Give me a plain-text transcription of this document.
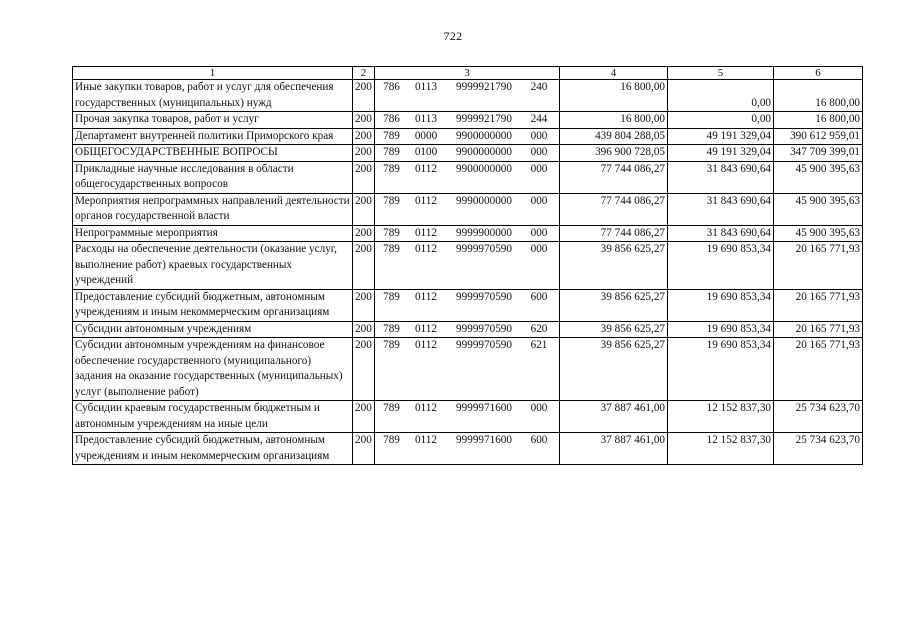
722
1	2	3	4	5	6
Иные закупки товаров, работ и услуг для обеспечения государственных (муниципальных) нужд	200	786 0113 9999921790 240	16 800,00	0,00	16 800,00
Прочая закупка товаров, работ и услуг	200	786 0113 9999921790 244	16 800,00	0,00	16 800,00
Департамент внутренней политики Приморского края	200	789 0000 9900000000 000	439 804 288,05	49 191 329,04	390 612 959,01
ОБЩЕГОСУДАРСТВЕННЫЕ ВОПРОСЫ	200	789 0100 9900000000 000	396 900 728,05	49 191 329,04	347 709 399,01
Прикладные научные исследования в области общегосударственных вопросов	200	789 0112 9900000000 000	77 744 086,27	31 843 690,64	45 900 395,63
Мероприятия непрограммных направлений деятельности органов государственной власти	200	789 0112 9990000000 000	77 744 086,27	31 843 690,64	45 900 395,63
Непрограммные мероприятия	200	789 0112 9999900000 000	77 744 086,27	31 843 690,64	45 900 395,63
Расходы на обеспечение деятельности (оказание услуг, выполнение работ) краевых государственных учреждений	200	789 0112 9999970590 000	39 856 625,27	19 690 853,34	20 165 771,93
Предоставление субсидий бюджетным, автономным учреждениям и иным некоммерческим организациям	200	789 0112 9999970590 600	39 856 625,27	19 690 853,34	20 165 771,93
Субсидии автономным учреждениям	200	789 0112 9999970590 620	39 856 625,27	19 690 853,34	20 165 771,93
Субсидии автономным учреждениям на финансовое обеспечение государственного (муниципального) задания на оказание государственных (муниципальных) услуг (выполнение работ)	200	789 0112 9999970590 621	39 856 625,27	19 690 853,34	20 165 771,93
Субсидии краевым государственным бюджетным и автономным учреждениям на иные цели	200	789 0112 9999971600 000	37 887 461,00	12 152 837,30	25 734 623,70
Предоставление субсидий бюджетным, автономным учреждениям и иным некоммерческим организациям	200	789 0112 9999971600 600	37 887 461,00	12 152 837,30	25 734 623,70
